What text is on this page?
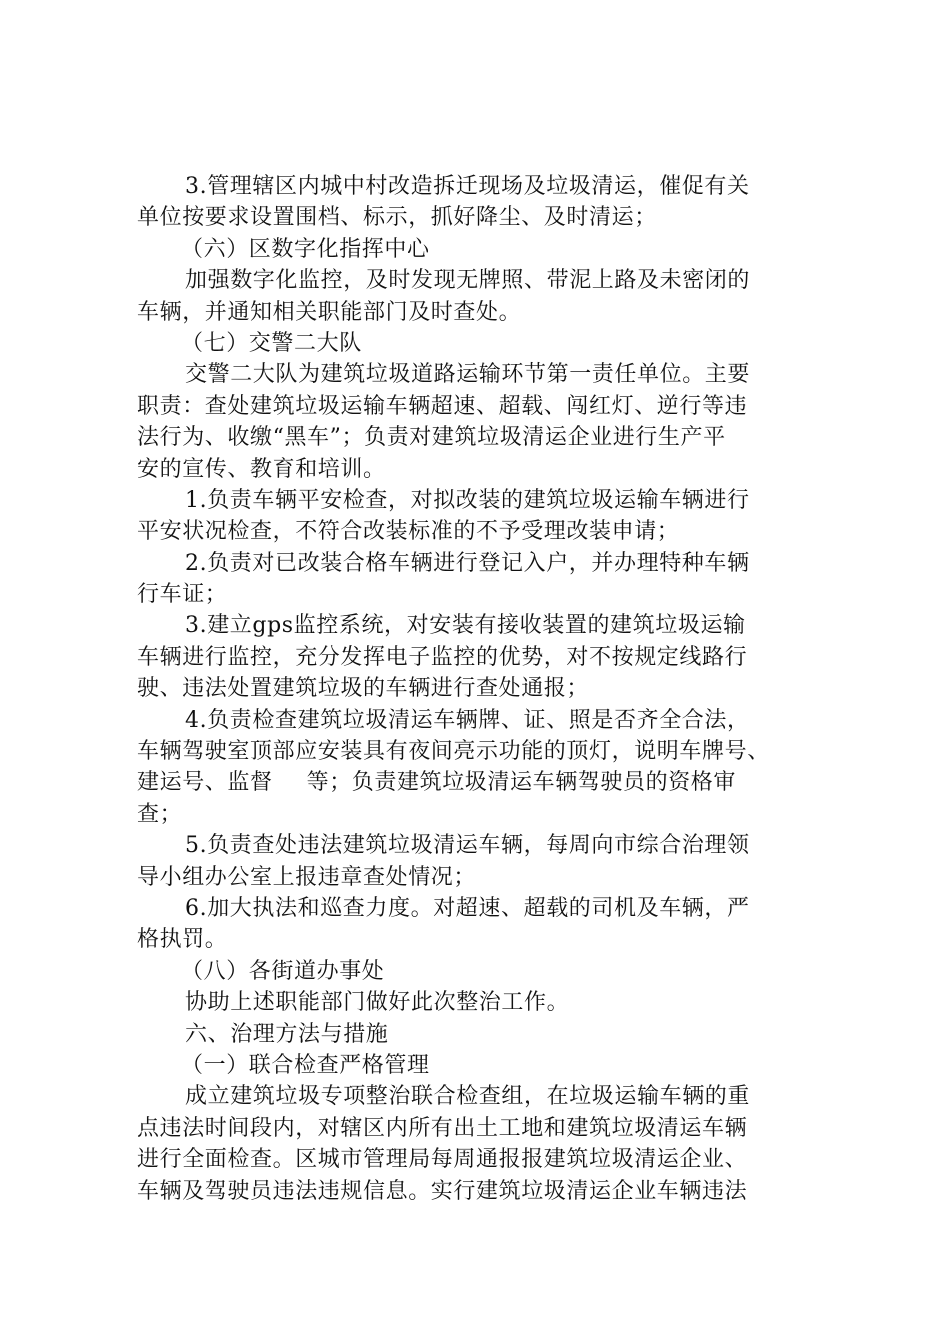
3.管理辖区内城中村改造拆迁现场及垃圾清运，催促有关
单位按要求设置围档、标示，抓好降尘、及时清运；
（六）区数字化指挥中心
加强数字化监控，及时发现无牌照、带泥上路及未密闭的
车辆，并通知相关职能部门及时查处。
（七）交警二大队
交警二大队为建筑垃圾道路运输环节第一责任单位。主要
职责：查处建筑垃圾运输车辆超速、超载、闯红灯、逆行等违
法行为、收缴“黑车”；负责对建筑垃圾清运企业进行生产平
安的宣传、教育和培训。
1.负责车辆平安检查，对拟改装的建筑垃圾运输车辆进行
平安状况检查，不符合改装标准的不予受理改装申请；
2.负责对已改装合格车辆进行登记入户，并办理特种车辆
行车证；
3.建立gps监控系统，对安装有接收装置的建筑垃圾运输
车辆进行监控，充分发挥电子监控的优势，对不按规定线路行
驶、违法处置建筑垃圾的车辆进行查处通报；
4.负责检查建筑垃圾清运车辆牌、证、照是否齐全合法，
车辆驾驶室顶部应安装具有夜间亮示功能的顶灯，说明车牌号、
建运号、监督 等；负责建筑垃圾清运车辆驾驶员的资格审
查；
5.负责查处违法建筑垃圾清运车辆，每周向市综合治理领
导小组办公室上报违章查处情况；
6.加大执法和巡查力度。对超速、超载的司机及车辆，严
格执罚。
（八）各街道办事处
协助上述职能部门做好此次整治工作。
六、治理方法与措施
（一）联合检查严格管理
成立建筑垃圾专项整治联合检查组，在垃圾运输车辆的重
点违法时间段内，对辖区内所有出土工地和建筑垃圾清运车辆
进行全面检查。区城市管理局每周通报报建筑垃圾清运企业、
车辆及驾驶员违法违规信息。实行建筑垃圾清运企业车辆违法
